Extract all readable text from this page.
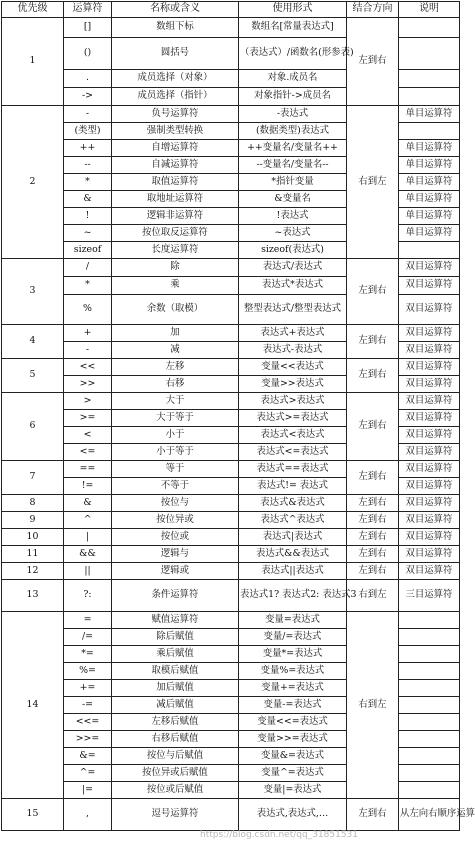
优先级	运算符	名称或含义	使用形式	结合方向	说明
1	[]	数组下标	数组名[常量表达式]	左到右	
	()	圆括号	（表达式）/函数名(形参表)		
	.	成员选择（对象）	对象.成员名		
	->	成员选择（指针）	对象指针->成员名		
2	-	负号运算符	-表达式	右到左	单目运算符
	(类型)	强制类型转换	(数据类型)表达式		
	++	自增运算符	++变量名/变量名++		单目运算符
	--	自减运算符	--变量名/变量名--		单目运算符
	*	取值运算符	*指针变量		单目运算符
	&	取地址运算符	&变量名		单目运算符
	!	逻辑非运算符	!表达式		单目运算符
	~	按位取反运算符	~表达式		单目运算符
	sizeof	长度运算符	sizeof(表达式)		
3	/	除	表达式/表达式	左到右	双目运算符
	*	乘	表达式*表达式		双目运算符
	%	余数（取模）	整型表达式/整型表达式		双目运算符
4	+	加	表达式+表达式	左到右	双目运算符
	-	减	表达式-表达式		双目运算符
5	<<	左移	变量<<表达式	左到右	双目运算符
	>>	右移	变量>>表达式		双目运算符
6	>	大于	表达式>表达式	左到右	双目运算符
	>=	大于等于	表达式>=表达式		双目运算符
	<	小于	表达式<表达式		双目运算符
	<=	小于等于	表达式<=表达式		双目运算符
7	==	等于	表达式==表达式	左到右	双目运算符
	!=	不等于	表达式!= 表达式		双目运算符
8	&	按位与	表达式&表达式	左到右	双目运算符
9	^	按位异或	表达式^表达式	左到右	双目运算符
10	|	按位或	表达式|表达式	左到右	双目运算符
11	&&	逻辑与	表达式&&表达式	左到右	双目运算符
12	||	逻辑或	表达式||表达式	左到右	双目运算符
13	?:	条件运算符	表达式1? 表达式2: 表达式3	右到左	三目运算符
14	=	赋值运算符	变量=表达式	右到左	
	/=	除后赋值	变量/=表达式		
	*=	乘后赋值	变量*=表达式		
	%=	取模后赋值	变量%=表达式		
	+=	加后赋值	变量+=表达式		
	-=	减后赋值	变量-=表达式		
	<<=	左移后赋值	变量<<=表达式		
	>>=	右移后赋值	变量>>=表达式		
	&=	按位与后赋值	变量&=表达式		
	^=	按位异或后赋值	变量^=表达式		
	|=	按位或后赋值	变量|=表达式		
15	,	逗号运算符	表达式,表达式,…	左到右	从左向右顺序运算
https://blog.csdn.net/qq_31851531
